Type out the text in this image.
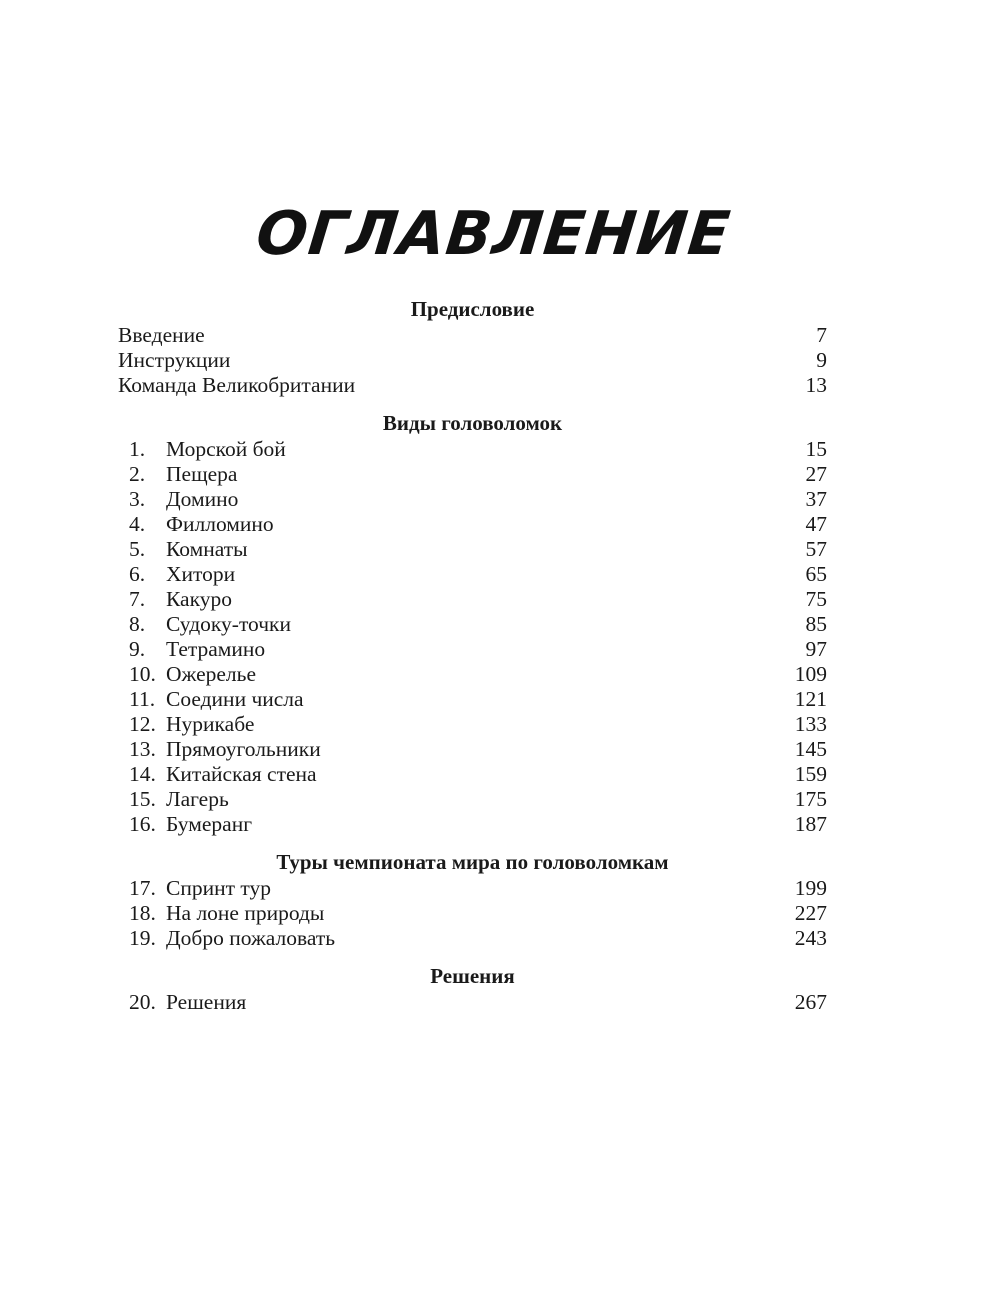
ОГЛАВЛЕНИЕ
Предисловие
Введение	7
Инструкции	9
Команда Великобритании	13
Виды головоломок
1. Морской бой	15
2. Пещера	27
3. Домино	37
4. Филломино	47
5. Комнаты	57
6. Хитори	65
7. Какуро	75
8. Судоку-точки	85
9. Тетрамино	97
10. Ожерелье	109
11. Соедини числа	121
12. Нурикабе	133
13. Прямоугольники	145
14. Китайская стена	159
15. Лагерь	175
16. Бумеранг	187
Туры чемпионата мира по головоломкам
17. Спринт тур	199
18. На лоне природы	227
19. Добро пожаловать	243
Решения
20. Решения	267
